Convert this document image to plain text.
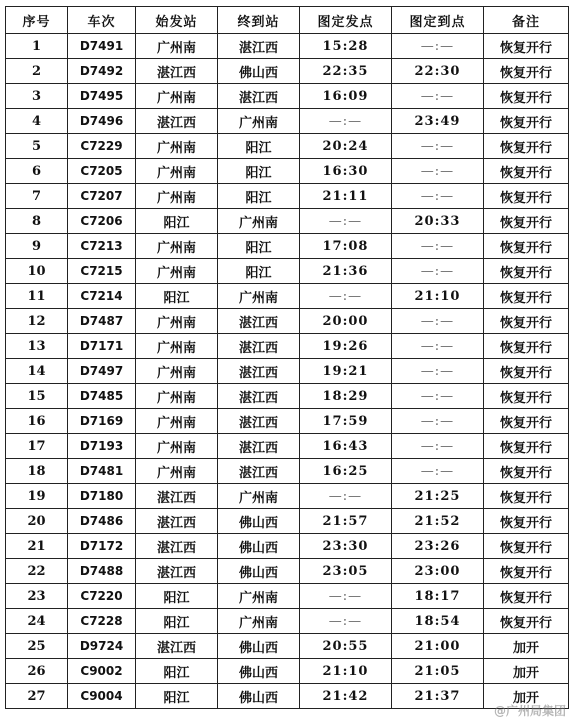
序号	车次	始发站	终到站	图定发点	图定到点	备注
1	D7491	广州南	湛江西	15:28	—:—	恢复开行
2	D7492	湛江西	佛山西	22:35	22:30	恢复开行
3	D7495	广州南	湛江西	16:09	—:—	恢复开行
4	D7496	湛江西	广州南	—:—	23:49	恢复开行
5	C7229	广州南	阳江	20:24	—:—	恢复开行
6	C7205	广州南	阳江	16:30	—:—	恢复开行
7	C7207	广州南	阳江	21:11	—:—	恢复开行
8	C7206	阳江	广州南	—:—	20:33	恢复开行
9	C7213	广州南	阳江	17:08	—:—	恢复开行
10	C7215	广州南	阳江	21:36	—:—	恢复开行
11	C7214	阳江	广州南	—:—	21:10	恢复开行
12	D7487	广州南	湛江西	20:00	—:—	恢复开行
13	D7171	广州南	湛江西	19:26	—:—	恢复开行
14	D7497	广州南	湛江西	19:21	—:—	恢复开行
15	D7485	广州南	湛江西	18:29	—:—	恢复开行
16	D7169	广州南	湛江西	17:59	—:—	恢复开行
17	D7193	广州南	湛江西	16:43	—:—	恢复开行
18	D7481	广州南	湛江西	16:25	—:—	恢复开行
19	D7180	湛江西	广州南	—:—	21:25	恢复开行
20	D7486	湛江西	佛山西	21:57	21:52	恢复开行
21	D7172	湛江西	佛山西	23:30	23:26	恢复开行
22	D7488	湛江西	佛山西	23:05	23:00	恢复开行
23	C7220	阳江	广州南	—:—	18:17	恢复开行
24	C7228	阳江	广州南	—:—	18:54	恢复开行
25	D9724	湛江西	佛山西	20:55	21:00	加开
26	C9002	阳江	佛山西	21:10	21:05	加开
27	C9004	阳江	佛山西	21:42	21:37	加开
@广州局集团
